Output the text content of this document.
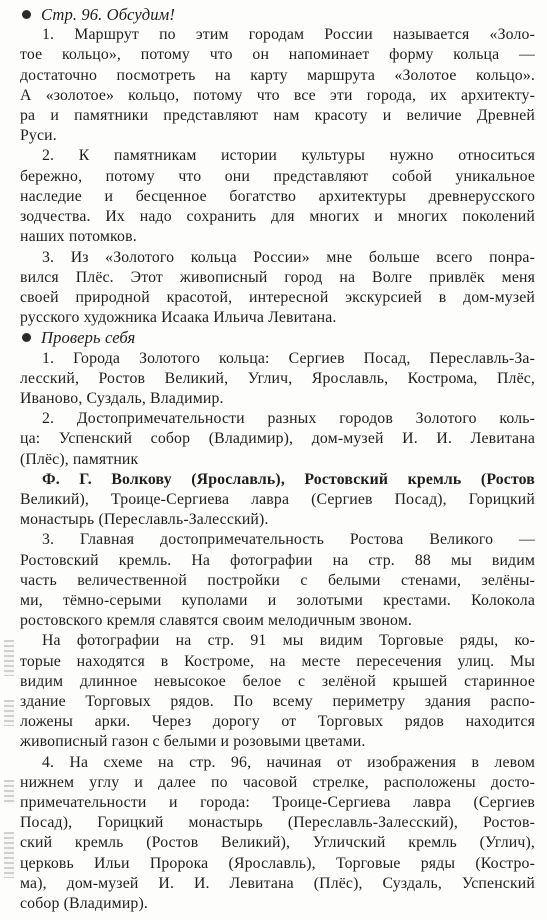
Стр. 96. Обсудим!
1. Маршрут по этим городам России называется «Золо-
тое кольцо», потому что он напоминает форму кольца —
достаточно посмотреть на карту маршрута «Золотое кольцо».
А «золотое» кольцо, потому что все эти города, их архитекту-
ра и памятники представляют нам красоту и величие Древней
Руси.
2. К памятникам истории культуры нужно относиться
бережно, потому что они представляют собой уникальное
наследие и бесценное богатство архитектуры древнерусского
зодчества. Их надо сохранить для многих и многих поколений
наших потомков.
3. Из «Золотого кольца России» мне больше всего понра-
вился Плёс. Этот живописный город на Волге привлёк меня
своей природной красотой, интересной экскурсией в дом-музей
русского художника Исаака Ильича Левитана.
Проверь себя
1. Города Золотого кольца: Сергиев Посад, Переславль-За-
лесский, Ростов Великий, Углич, Ярославль, Кострома, Плёс,
Иваново, Суздаль, Владимир.
2. Достопримечательности разных городов Золотого коль-
ца: Успенский собор (Владимир), дом-музей И. И. Левитана
(Плёс), памятник
Ф. Г. Волкову (Ярославль), Ростовский кремль (Ростов
Великий), Троице-Сергиева лавра (Сергиев Посад), Горицкий
монастырь (Переславль-Залесский).
3. Главная достопримечательность Ростова Великого —
Ростовский кремль. На фотографии на стр. 88 мы видим
часть величественной постройки с белыми стенами, зелёны-
ми, тёмно-серыми куполами и золотыми крестами. Колокола
ростовского кремля славятся своим мелодичным звоном.
На фотографии на стр. 91 мы видим Торговые ряды, ко-
торые находятся в Костроме, на месте пересечения улиц. Мы
видим длинное невысокое белое с зелёной крышей старинное
здание Торговых рядов. По всему периметру здания распо-
ложены арки. Через дорогу от Торговых рядов находится
живописный газон с белыми и розовыми цветами.
4. На схеме на стр. 96, начиная от изображения в левом
нижнем углу и далее по часовой стрелке, расположены досто-
примечательности и города: Троице-Сергиева лавра (Сергиев
Посад), Горицкий монастырь (Переславль-Залесский), Ростов-
ский кремль (Ростов Великий), Угличский кремль (Углич),
церковь Ильи Пророка (Ярославль), Торговые ряды (Костро-
ма), дом-музей И. И. Левитана (Плёс), Суздаль, Успенский
собор (Владимир).
